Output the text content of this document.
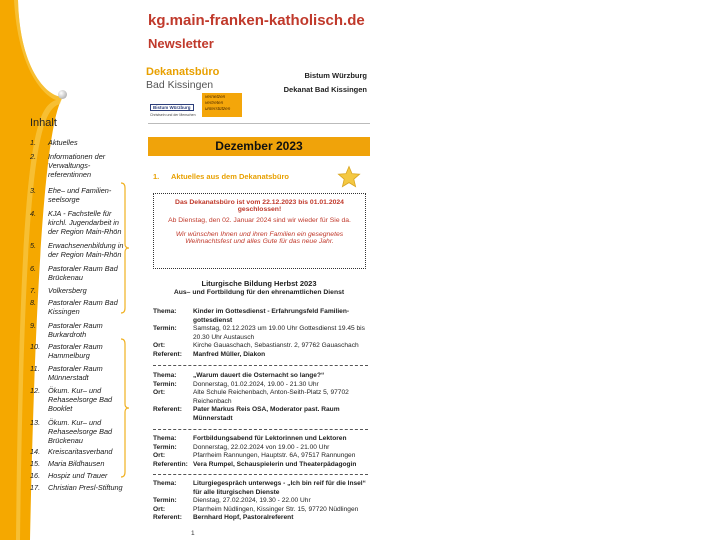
Inhalt
1.	Aktuelles
2.	Informationen der Verwaltungs-referentinnen
3.	Ehe– und Familien-seelsorge
4.	KJA - Fachstelle für kirchl. Jugendarbeit in der Region Main-Rhön
5.	Erwachsenenbildung in der Region Main-Rhön
6.	Pastoraler Raum Bad Brückenau
7.	Volkersberg
8.	Pastoraler Raum Bad Kissingen
9.	Pastoraler Raum Burkardroth
10.	Pastoraler Raum Hammelburg
11.	Pastoraler Raum Münnerstadt
12.	Ökum. Kur– und Rehaseelsorge Bad Booklet
13.	Ökum. Kur– und Rehaseelsorge Bad Brückenau
14.	Kreiscaritasverband
15.	Maria Bildhausen
16.	Hospiz und Trauer
17.	Christian Presl-Stiftung
kg.main-franken-katholisch.de
Newsletter
Dekanatsbüro
Bad Kissingen
Bistum Würzburg
Christsein und der Menschen
vernetzen
vertreten
unterstützen
Bistum Würzburg
Dekanat Bad Kissingen
Dezember 2023
1. Aktuelles aus dem Dekanatsbüro

Das Dekanatsbüro ist vom 22.12.2023 bis 01.01.2024

geschlossen!

Ab Dienstag, den 02. Januar 2024 sind wir wieder für Sie da.

Wir wünschen Ihnen und ihren Familien ein gesegnetes

Weihnachtsfest und alles Gute für das neue Jahr.

Liturgische Bildung Herbst 2023
Aus– und Fortbildung für den ehrenamtlichen Dienst
Thema:	Kinder im Gottesdienst - Erfahrungsfeld Familien-gottesdienst
Termin:	Samstag, 02.12.2023 um 19.00 Uhr Gottesdienst 19.45 bis 20.30 Uhr Austausch
Ort:	Kirche Gauaschach, Sebastianstr. 2, 97762 Gauaschach
Referent:	Manfred Müller, Diakon
Thema:	„Warum dauert die Osternacht so lange?“
Termin:	Donnerstag, 01.02.2024, 19.00 - 21.30 Uhr
Ort:	Alte Schule Reichenbach, Anton-Seith-Platz 5, 97702 Reichenbach
Referent:	Pater Markus Reis OSA, Moderator past. Raum Münnerstadt
Thema:	Fortbildungsabend für Lektorinnen und Lektoren
Termin:	Donnerstag, 22.02.2024 von 19.00 - 21.00 Uhr
Ort:	Pfarrheim Rannungen, Hauptstr. 6A, 97517 Rannungen
Referentin: Vera Rumpel, Schauspielerin und Theaterpädagogin
Thema:	Liturgiegespräch unterwegs - „Ich bin reif für die Insel“ für alle liturgischen Dienste
Termin:	Dienstag, 27.02.2024, 19.30 - 22.00 Uhr
Ort:	Pfarrheim Nüdlingen, Kissinger Str. 15, 97720 Nüdlingen
Referent:	Bernhard Hopf, Pastoralreferent
1
